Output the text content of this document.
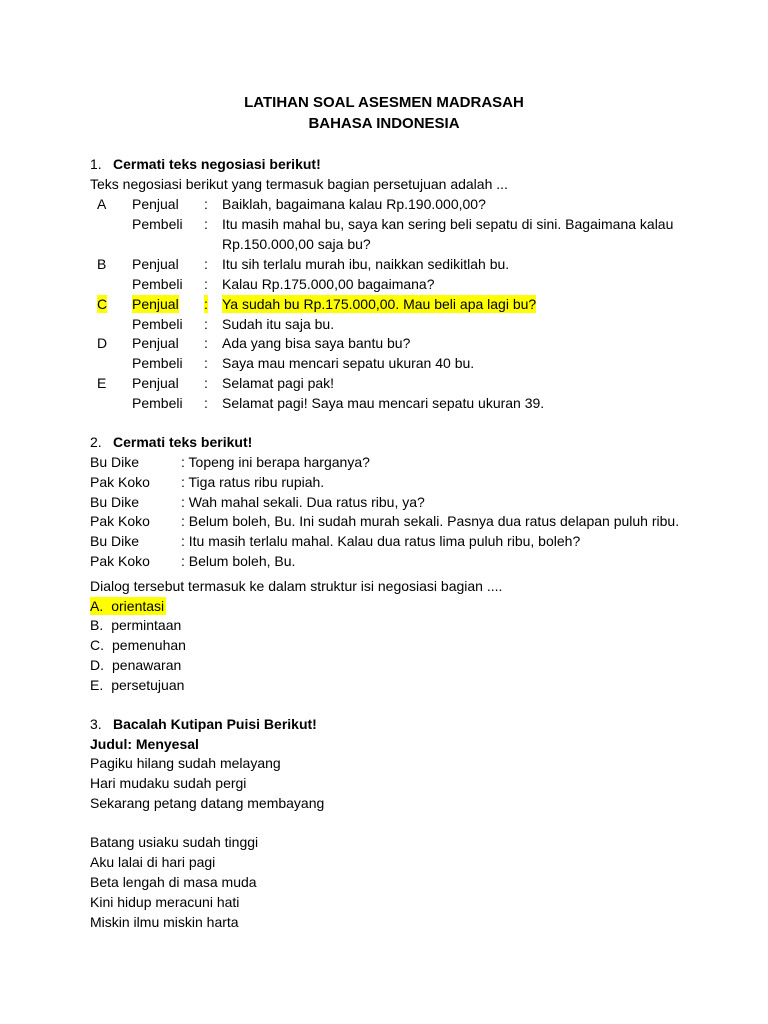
LATIHAN SOAL ASESMEN MADRASAH
BAHASA INDONESIA
1. Cermati teks negosiasi berikut!
Teks negosiasi berikut yang termasuk bagian persetujuan adalah ...
A Penjual : Baiklah, bagaimana kalau Rp.190.000,00?
Pembeli : Itu masih mahal bu, saya kan sering beli sepatu di sini. Bagaimana kalau
Rp.150.000,00 saja bu?
B Penjual : Itu sih terlalu murah ibu, naikkan sedikitlah bu.
Pembeli : Kalau Rp.175.000,00 bagaimana?
C Penjual : Ya sudah bu Rp.175.000,00. Mau beli apa lagi bu?
Pembeli : Sudah itu saja bu.
D Penjual : Ada yang bisa saya bantu bu?
Pembeli : Saya mau mencari sepatu ukuran 40 bu.
E Penjual : Selamat pagi pak!
Pembeli : Selamat pagi! Saya mau mencari sepatu ukuran 39.
2. Cermati teks berikut!
Bu Dike	: Topeng ini berapa harganya?
Pak Koko : Tiga ratus ribu rupiah.
Bu Dike	: Wah mahal sekali. Dua ratus ribu, ya?
Pak Koko : Belum boleh, Bu. Ini sudah murah sekali. Pasnya dua ratus delapan puluh ribu.
Bu Dike	: Itu masih terlalu mahal. Kalau dua ratus lima puluh ribu, boleh?
Pak Koko : Belum boleh, Bu.
Dialog tersebut termasuk ke dalam struktur isi negosiasi bagian ....
A. orientasi
B. permintaan
C. pemenuhan
D. penawaran
E. persetujuan
3. Bacalah Kutipan Puisi Berikut!
Judul: Menyesal
Pagiku hilang sudah melayang
Hari mudaku sudah pergi
Sekarang petang datang membayang
Batang usiaku sudah tinggi
Aku lalai di hari pagi
Beta lengah di masa muda
Kini hidup meracuni hati
Miskin ilmu miskin harta
